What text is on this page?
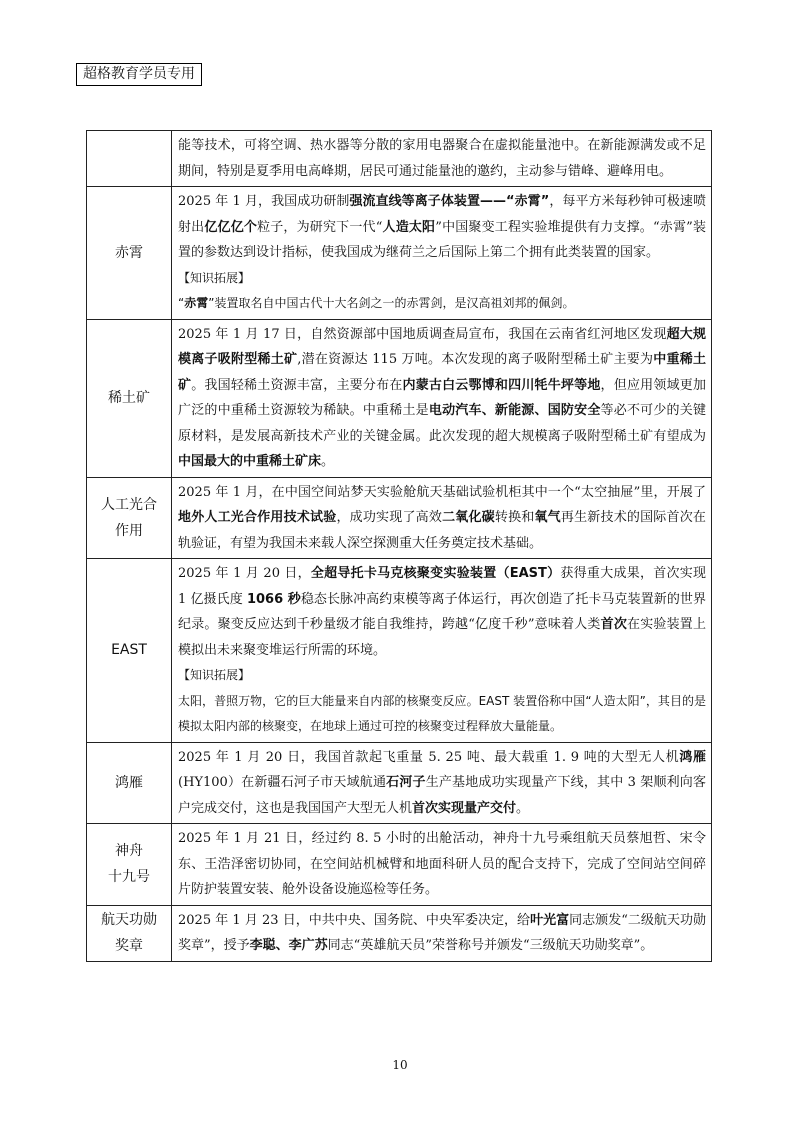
超格教育学员专用

	能等技术，可将空调、热水器等分散的家用电器聚合在虚拟能量池中。在新能源满发或不足期间，特别是夏季用电高峰期，居民可通过能量池的邀约，主动参与错峰、避峰用电。

赤霄	2025 年 1 月，我国成功研制强流直线等离子体装置——“赤霄”，每平方米每秒钟可极速喷射出亿亿亿个粒子，为研究下一代“人造太阳”中国聚变工程实验堆提供有力支撑。“赤霄”装置的参数达到设计指标，使我国成为继荷兰之后国际上第二个拥有此类装置的国家。

【知识拓展】

“赤霄”装置取名自中国古代十大名剑之一的赤霄剑，是汉高祖刘邦的佩剑。

稀土矿	2025 年 1 月 17 日，自然资源部中国地质调查局宣布，我国在云南省红河地区发现超大规模离子吸附型稀土矿,潜在资源达 115 万吨。本次发现的离子吸附型稀土矿主要为中重稀土矿。我国轻稀土资源丰富，主要分布在内蒙古白云鄂博和四川牦牛坪等地，但应用领域更加广泛的中重稀土资源较为稀缺。中重稀土是电动汽车、新能源、国防安全等必不可少的关键原材料，是发展高新技术产业的关键金属。此次发现的超大规模离子吸附型稀土矿有望成为中国最大的中重稀土矿床。

人工光合
作用	2025 年 1 月，在中国空间站梦天实验舱航天基础试验机柜其中一个“太空抽屉”里，开展了地外人工光合作用技术试验，成功实现了高效二氧化碳转换和氧气再生新技术的国际首次在轨验证，有望为我国未来载人深空探测重大任务奠定技术基础。

EAST	2025 年 1 月 20 日，全超导托卡马克核聚变实验装置（EAST）获得重大成果，首次实现 1 亿摄氏度 1066 秒稳态长脉冲高约束模等离子体运行，再次创造了托卡马克装置新的世界纪录。聚变反应达到千秒量级才能自我维持，跨越“亿度千秒”意味着人类首次在实验装置上模拟出未来聚变堆运行所需的环境。

【知识拓展】

太阳，普照万物，它的巨大能量来自内部的核聚变反应。EAST 装置俗称中国“人造太阳”，其目的是模拟太阳内部的核聚变，在地球上通过可控的核聚变过程释放大量能量。

鸿雁	2025 年 1 月 20 日，我国首款起飞重量 5. 25 吨、最大载重 1. 9 吨的大型无人机鸿雁(HY100）在新疆石河子市天域航通石河子生产基地成功实现量产下线，其中 3 架顺利向客户完成交付，这也是我国国产大型无人机首次实现量产交付。

神舟
十九号	2025 年 1 月 21 日，经过约 8. 5 小时的出舱活动，神舟十九号乘组航天员蔡旭哲、宋令东、王浩泽密切协同，在空间站机械臂和地面科研人员的配合支持下，完成了空间站空间碎片防护装置安装、舱外设备设施巡检等任务。

航天功勋
奖章	2025 年 1 月 23 日，中共中央、国务院、中央军委决定，给叶光富同志颁发“二级航天功勋奖章”，授予李聪、李广苏同志“英雄航天员”荣誉称号并颁发“三级航天功勋奖章”。

10
